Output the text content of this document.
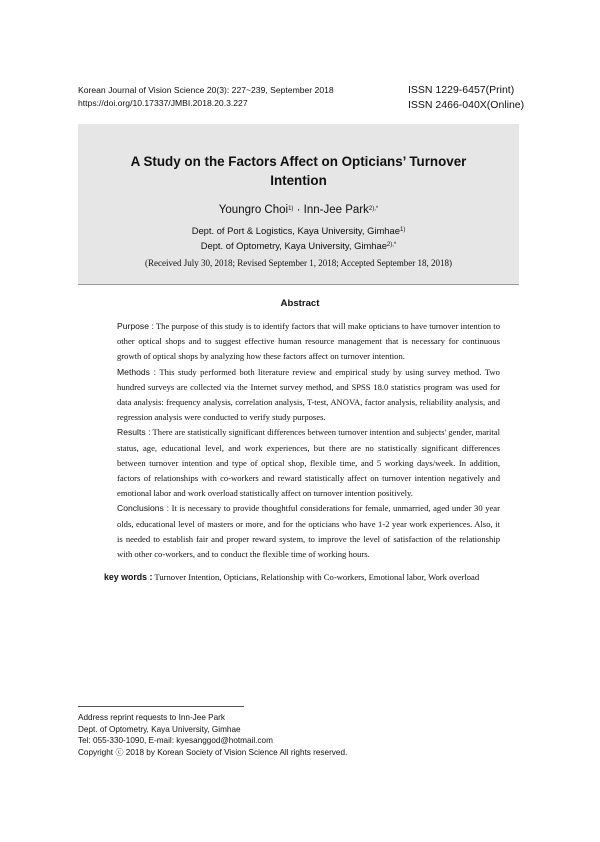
Korean Journal of Vision Science 20(3): 227~239, September 2018
https://doi.org/10.17337/JMBI.2018.20.3.227
ISSN 1229-6457(Print)
ISSN 2466-040X(Online)
A Study on the Factors Affect on Opticians’ Turnover
Intention
Youngro Choi$^{1)}$ · Inn-Jee Park$^{2),*}$
Dept. of Port & Logistics, Kaya University, Gimhae$^{1)}$
Dept. of Optometry, Kaya University, Gimhae$^{2),*}$
(Received July 30, 2018; Revised September 1, 2018; Accepted September 18, 2018)
Abstract

Purpose : The purpose of this study is to identify factors that will make opticians to have turnover intention to other optical shops and to suggest effective human resource management that is necessary for continuous growth of optical shops by analyzing how these factors affect on turnover intention.

Methods : This study performed both literature review and empirical study by using survey method. Two hundred surveys are collected via the Internet survey method, and SPSS 18.0 statistics program was used for data analysis: frequency analysis, correlation analysis, T-test, ANOVA, factor analysis, reliability analysis, and regression analysis were conducted to verify study purposes.

Results : There are statistically significant differences between turnover intention and subjects' gender, marital status, age, educational level, and work experiences, but there are no statistically significant differences between turnover intention and type of optical shop, flexible time, and 5 working days/week. In addition, factors of relationships with co-workers and reward statistically affect on turnover intention negatively and emotional labor and work overload statistically affect on turnover intention positively.

Conclusions : It is necessary to provide thoughtful considerations for female, unmarried, aged under 30 year olds, educational level of masters or more, and for the opticians who have 1-2 year work experiences. Also, it is needed to establish fair and proper reward system, to improve the level of satisfaction of the relationship with other co-workers, and to conduct the flexible time of working hours.

key words : Turnover Intention, Opticians, Relationship with Co-workers, Emotional labor, Work overload
Address reprint requests to Inn-Jee Park
Dept. of Optometry, Kaya University, Gimhae
Tel: 055-330-1090, E-mail: kyesanggod@hotmail.com
Copyright ⓒ 2018 by Korean Society of Vision Science All rights reserved.
